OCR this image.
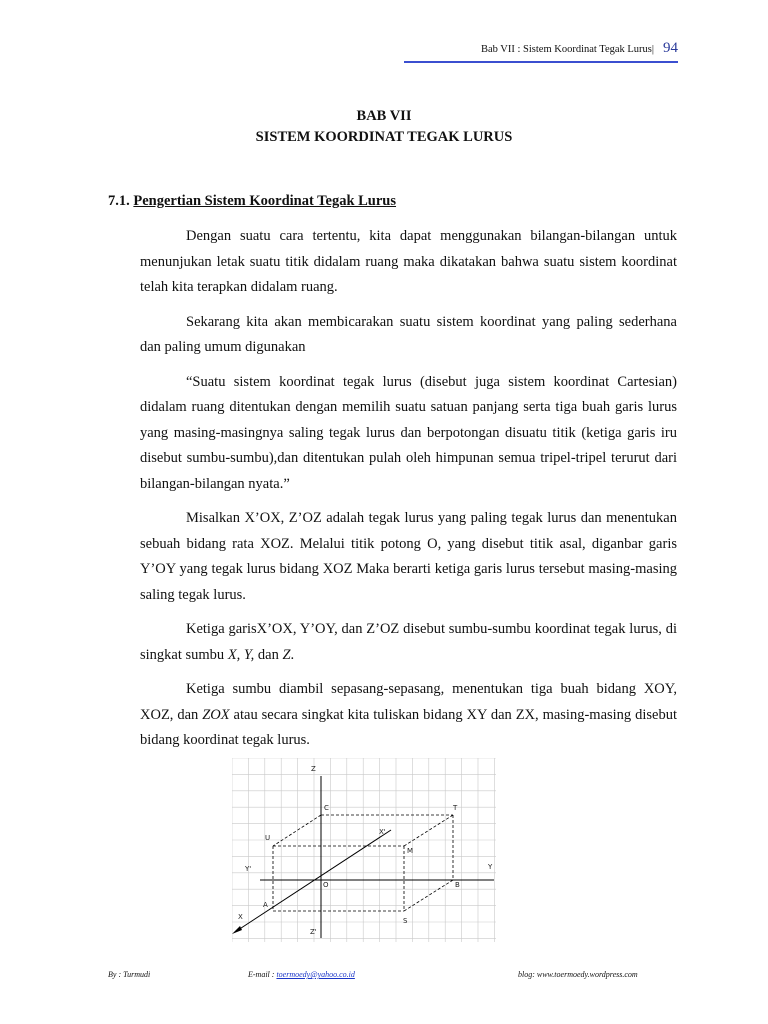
Bab VII : Sistem Koordinat Tegak Lurus| 94
BAB VII
SISTEM KOORDINAT TEGAK LURUS
7.1. Pengertian Sistem Koordinat Tegak Lurus

Dengan suatu cara tertentu, kita dapat menggunakan bilangan-bilangan untuk menunjukan letak suatu titik didalam ruang maka dikatakan bahwa suatu sistem koordinat telah kita terapkan didalam ruang.

Sekarang kita akan membicarakan suatu sistem koordinat yang paling sederhana dan paling umum digunakan

“Suatu sistem koordinat tegak lurus (disebut juga sistem koordinat Cartesian) didalam ruang ditentukan dengan memilih suatu satuan panjang serta tiga buah garis lurus yang masing-masingnya saling tegak lurus dan berpotongan disuatu titik (ketiga garis iru disebut sumbu-sumbu),dan ditentukan pulah oleh himpunan semua tripel-tripel terurut dari bilangan-bilangan nyata.”

Misalkan X’OX, Z’OZ adalah tegak lurus yang paling tegak lurus dan menentukan sebuah bidang rata XOZ. Melalui titik potong O, yang disebut titik asal, diganbar garis Y’OY yang tegak lurus bidang XOZ Maka berarti ketiga garis lurus tersebut masing-masing saling tegak lurus.

Ketiga garisX’OX, Y’OY, dan Z’OZ disebut sumbu-sumbu koordinat tegak lurus, di singkat sumbu X, Y, dan Z.

Ketiga sumbu diambil sepasang-sepasang, menentukan tiga buah bidang XOY, XOZ, dan ZOX atau secara singkat kita tuliskan bidang XY dan ZX, masing-masing disebut bidang koordinat tegak lurus.

Z
Z'
Y
Y'
X
X'
O
A
B
C	T
U
M
S
By : Turmudi	E-mail : toermoedy@yahoo.co.id	blog: www.toermoedy.wordpress.com
